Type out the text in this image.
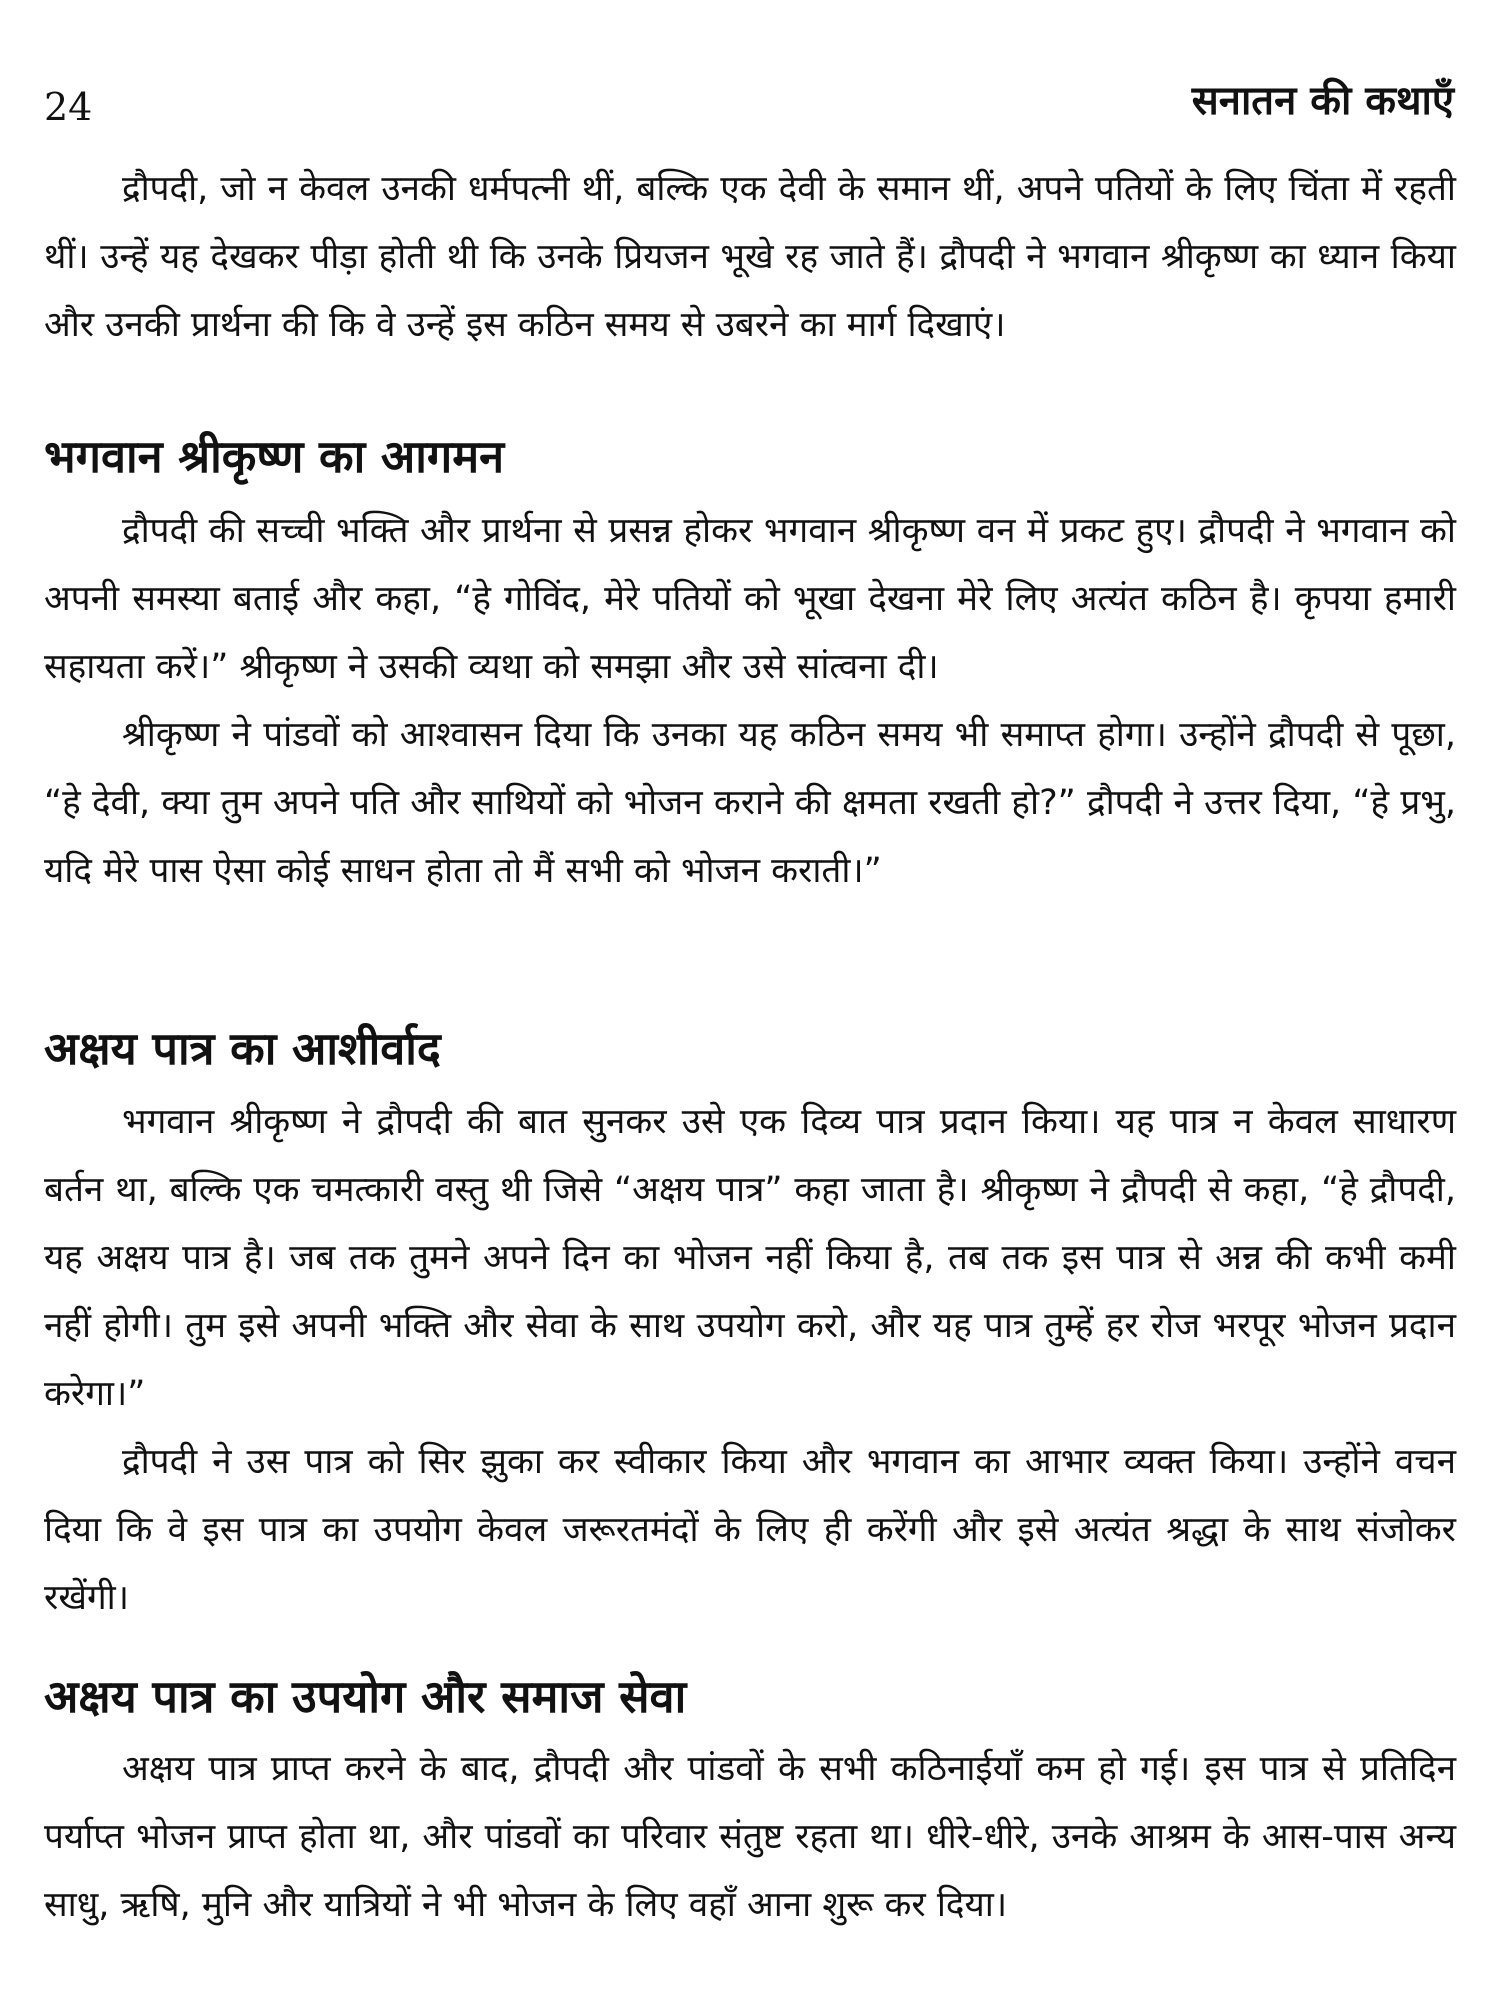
24	सनातन की कथाएँ

द्रौपदी, जो न केवल उनकी धर्मपत्नी थीं, बल्कि एक देवी के समान थीं, अपने पतियों के लिए चिंता में रहती थीं। उन्हें यह देखकर पीड़ा होती थी कि उनके प्रियजन भूखे रह जाते हैं। द्रौपदी ने भगवान श्रीकृष्ण का ध्यान किया और उनकी प्रार्थना की कि वे उन्हें इस कठिन समय से उबरने का मार्ग दिखाएं।

भगवान श्रीकृष्ण का आगमन

द्रौपदी की सच्ची भक्ति और प्रार्थना से प्रसन्न होकर भगवान श्रीकृष्ण वन में प्रकट हुए। द्रौपदी ने भगवान को अपनी समस्या बताई और कहा, “हे गोविंद, मेरे पतियों को भूखा देखना मेरे लिए अत्यंत कठिन है। कृपया हमारी सहायता करें।” श्रीकृष्ण ने उसकी व्यथा को समझा और उसे सांत्वना दी।

श्रीकृष्ण ने पांडवों को आश्वासन दिया कि उनका यह कठिन समय भी समाप्त होगा। उन्होंने द्रौपदी से पूछा, “हे देवी, क्या तुम अपने पति और साथियों को भोजन कराने की क्षमता रखती हो?” द्रौपदी ने उत्तर दिया, “हे प्रभु, यदि मेरे पास ऐसा कोई साधन होता तो मैं सभी को भोजन कराती।”

अक्षय पात्र का आशीर्वाद

भगवान श्रीकृष्ण ने द्रौपदी की बात सुनकर उसे एक दिव्य पात्र प्रदान किया। यह पात्र न केवल साधारण बर्तन था, बल्कि एक चमत्कारी वस्तु थी जिसे “अक्षय पात्र” कहा जाता है। श्रीकृष्ण ने द्रौपदी से कहा, “हे द्रौपदी, यह अक्षय पात्र है। जब तक तुमने अपने दिन का भोजन नहीं किया है, तब तक इस पात्र से अन्न की कभी कमी नहीं होगी। तुम इसे अपनी भक्ति और सेवा के साथ उपयोग करो, और यह पात्र तुम्हें हर रोज भरपूर भोजन प्रदान करेगा।”

द्रौपदी ने उस पात्र को सिर झुका कर स्वीकार किया और भगवान का आभार व्यक्त किया। उन्होंने वचन दिया कि वे इस पात्र का उपयोग केवल जरूरतमंदों के लिए ही करेंगी और इसे अत्यंत श्रद्धा के साथ संजोकर रखेंगी।

अक्षय पात्र का उपयोग और समाज सेवा

अक्षय पात्र प्राप्त करने के बाद, द्रौपदी और पांडवों के सभी कठिनाईयाँ कम हो गई। इस पात्र से प्रतिदिन पर्याप्त भोजन प्राप्त होता था, और पांडवों का परिवार संतुष्ट रहता था। धीरे-धीरे, उनके आश्रम के आस-पास अन्य साधु, ऋषि, मुनि और यात्रियों ने भी भोजन के लिए वहाँ आना शुरू कर दिया।
